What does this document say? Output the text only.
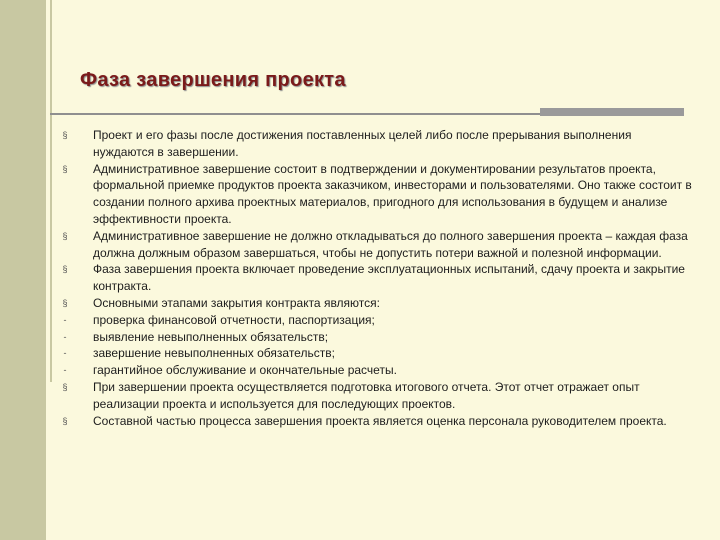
Фаза завершения проекта
§ Проект и его фазы после достижения поставленных целей либо после прерывания выполнения нуждаются в завершении.
§ Административное завершение состоит в подтверждении и документировании результатов проекта, формальной приемке продуктов проекта заказчиком, инвесторами и пользователями. Оно также состоит в создании полного архива проектных материалов, пригодного для использования в будущем и анализе эффективности проекта.
§ Административное завершение не должно откладываться до полного завершения проекта – каждая фаза должна должным образом завершаться, чтобы не допустить потери важной и полезной информации.
§ Фаза завершения проекта включает проведение эксплуатационных испытаний, сдачу проекта и закрытие контракта.
§ Основными этапами закрытия контракта являются:
- проверка финансовой отчетности, паспортизация;
- выявление невыполненных обязательств;
- завершение невыполненных обязательств;
- гарантийное обслуживание и окончательные расчеты.
§ При завершении проекта осуществляется подготовка итогового отчета. Этот отчет отражает опыт реализации проекта и используется для последующих проектов.
§ Составной частью процесса завершения проекта является оценка персонала руководителем проекта.
